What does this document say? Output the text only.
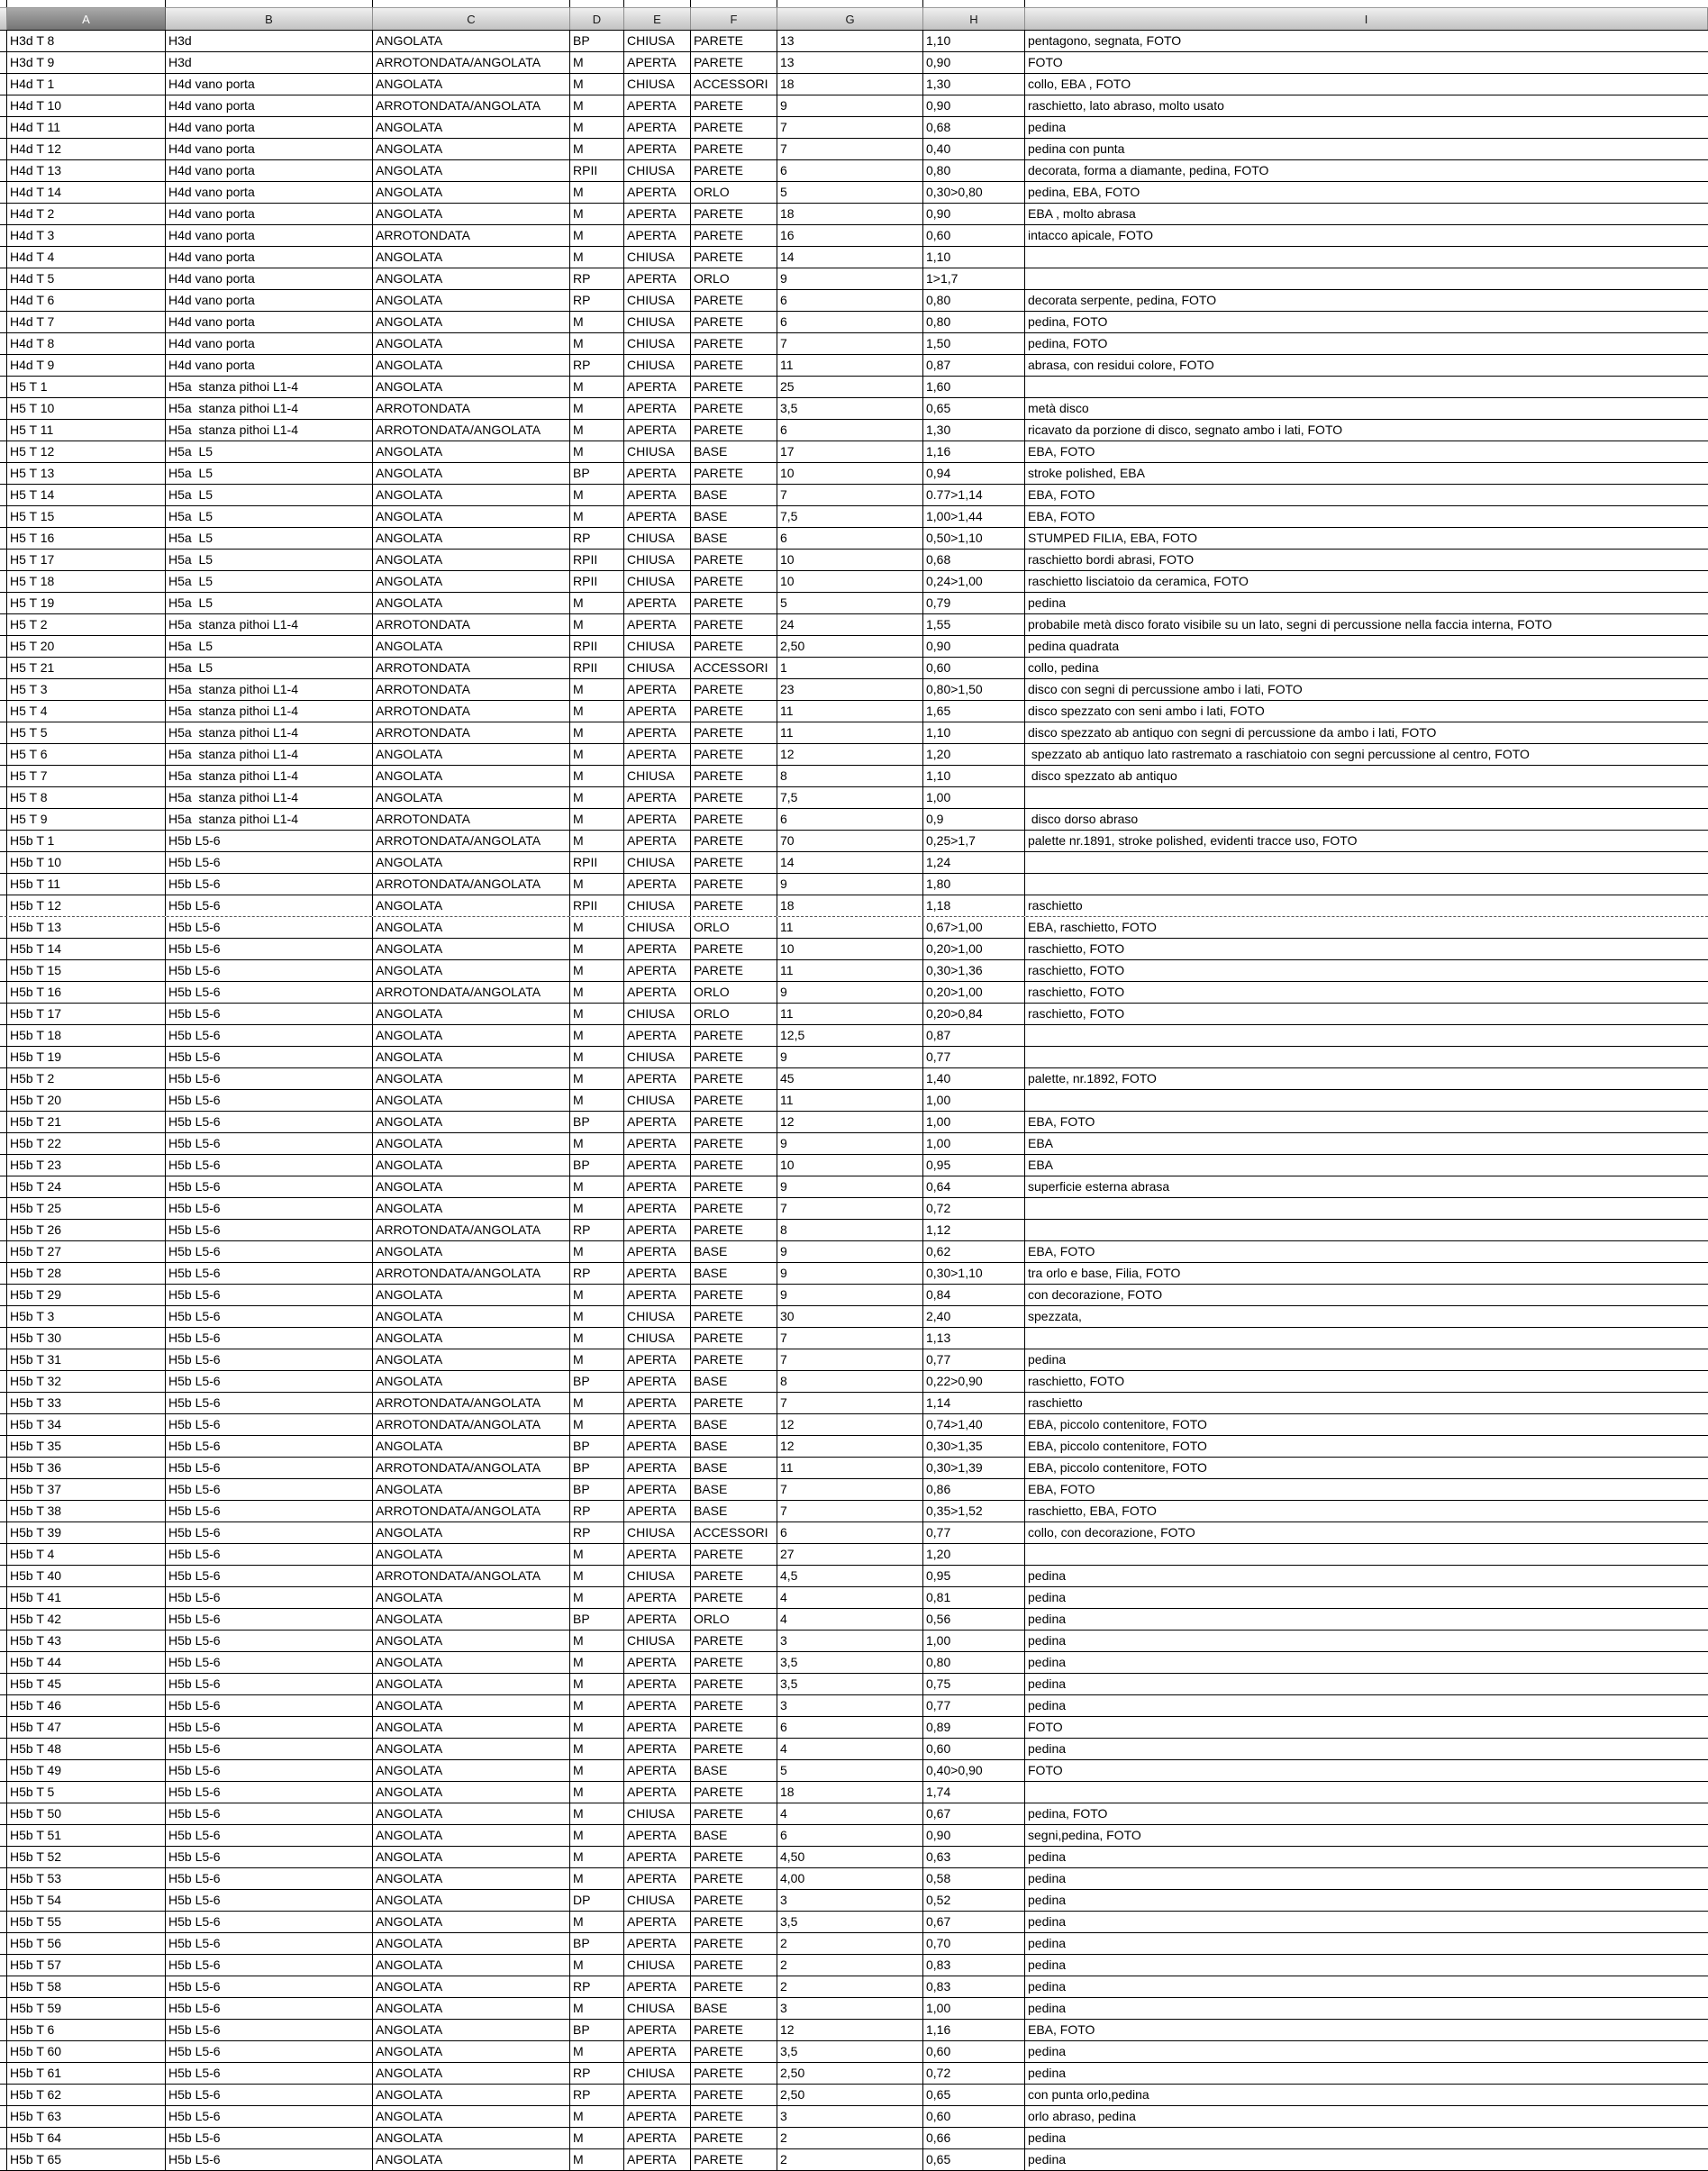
A	B	C	D	E	F	G	H	I
H3d T 8	H3d	ANGOLATA	BP	CHIUSA	PARETE	13	1,10	pentagono, segnata, FOTO
H3d T 9	H3d	ARROTONDATA/ANGOLATA	M	APERTA	PARETE	13	0,90	FOTO
H4d T 1	H4d vano porta	ANGOLATA	M	CHIUSA	ACCESSORI 18	1,30	collo, EBA , FOTO
H4d T 10	H4d vano porta	ARROTONDATA/ANGOLATA	M	APERTA	PARETE	9	0,90	raschietto, lato abraso, molto usato
H4d T 11	H4d vano porta	ANGOLATA	M	APERTA	PARETE	7	0,68	pedina
H4d T 12	H4d vano porta	ANGOLATA	M	APERTA	PARETE	7	0,40	pedina con punta
H4d T 13	H4d vano porta	ANGOLATA	RPII	CHIUSA	PARETE	6	0,80	decorata, forma a diamante, pedina, FOTO
H4d T 14	H4d vano porta	ANGOLATA	M	APERTA	ORLO	5	0,30>0,80	pedina, EBA, FOTO
H4d T 2	H4d vano porta	ANGOLATA	M	APERTA	PARETE	18	0,90	EBA , molto abrasa
H4d T 3	H4d vano porta	ARROTONDATA	M	APERTA	PARETE	16	0,60	intacco apicale, FOTO
H4d T 4	H4d vano porta	ANGOLATA	M	CHIUSA	PARETE	14	1,10
H4d T 5	H4d vano porta	ANGOLATA	RP	APERTA	ORLO	9	1>1,7
H4d T 6	H4d vano porta	ANGOLATA	RP	CHIUSA	PARETE	6	0,80	decorata serpente, pedina, FOTO
H4d T 7	H4d vano porta	ANGOLATA	M	CHIUSA	PARETE	6	0,80	pedina, FOTO
H4d T 8	H4d vano porta	ANGOLATA	M	CHIUSA	PARETE	7	1,50	pedina, FOTO
H4d T 9	H4d vano porta	ANGOLATA	RP	CHIUSA	PARETE	11	0,87	abrasa, con residui colore, FOTO
H5 T 1	H5a  stanza pithoi L1-4	ANGOLATA	M	APERTA	PARETE	25	1,60
H5 T 10	H5a  stanza pithoi L1-4	ARROTONDATA	M	APERTA	PARETE	3,5	0,65	metà disco
H5 T 11	H5a  stanza pithoi L1-4	ARROTONDATA/ANGOLATA	M	APERTA	PARETE	6	1,30	ricavato da porzione di disco, segnato ambo i lati, FOTO
H5 T 12	H5a  L5	ANGOLATA	M	CHIUSA	BASE	17	1,16	EBA, FOTO
H5 T 13	H5a  L5	ANGOLATA	BP	APERTA	PARETE	10	0,94	stroke polished, EBA
H5 T 14	H5a  L5	ANGOLATA	M	APERTA	BASE	7	0.77>1,14	EBA, FOTO
H5 T 15	H5a  L5	ANGOLATA	M	APERTA	BASE	7,5	1,00>1,44	EBA, FOTO
H5 T 16	H5a  L5	ANGOLATA	RP	CHIUSA	BASE	6	0,50>1,10	STUMPED FILIA, EBA, FOTO
H5 T 17	H5a  L5	ANGOLATA	RPII	CHIUSA	PARETE	10	0,68	raschietto bordi abrasi, FOTO
H5 T 18	H5a  L5	ANGOLATA	RPII	CHIUSA	PARETE	10	0,24>1,00	raschietto lisciatoio da ceramica, FOTO
H5 T 19	H5a  L5	ANGOLATA	M	APERTA	PARETE	5	0,79	pedina
H5 T 2	H5a  stanza pithoi L1-4	ARROTONDATA	M	APERTA	PARETE	24	1,55	probabile metà disco forato visibile su un lato, segni di percussione nella faccia interna, FOTO
H5 T 20	H5a  L5	ANGOLATA	RPII	CHIUSA	PARETE	2,50	0,90	pedina quadrata
H5 T 21	H5a  L5	ARROTONDATA	RPII	CHIUSA	ACCESSORI 1	0,60	collo, pedina
H5 T 3	H5a  stanza pithoi L1-4	ARROTONDATA	M	APERTA	PARETE	23	0,80>1,50	disco con segni di percussione ambo i lati, FOTO
H5 T 4	H5a  stanza pithoi L1-4	ARROTONDATA	M	APERTA	PARETE	11	1,65	disco spezzato con seni ambo i lati, FOTO
H5 T 5	H5a  stanza pithoi L1-4	ARROTONDATA	M	APERTA	PARETE	11	1,10	disco spezzato ab antiquo con segni di percussione da ambo i lati, FOTO
H5 T 6	H5a  stanza pithoi L1-4	ANGOLATA	M	APERTA	PARETE	12	1,20	spezzato ab antiquo lato rastremato a raschiatoio con segni percussione al centro, FOTO
H5 T 7	H5a  stanza pithoi L1-4	ANGOLATA	M	CHIUSA	PARETE	8	1,10	disco spezzato ab antiquo
H5 T 8	H5a  stanza pithoi L1-4	ANGOLATA	M	APERTA	PARETE	7,5	1,00
H5 T 9	H5a  stanza pithoi L1-4	ARROTONDATA	M	APERTA	PARETE	6	0,9	disco dorso abraso
H5b T 1	H5b L5-6	ARROTONDATA/ANGOLATA	M	APERTA	PARETE	70	0,25>1,7	palette nr.1891, stroke polished, evidenti tracce uso, FOTO
H5b T 10	H5b L5-6	ANGOLATA	RPII	CHIUSA	PARETE	14	1,24
H5b T 11	H5b L5-6	ARROTONDATA/ANGOLATA	M	APERTA	PARETE	9	1,80
H5b T 12	H5b L5-6	ANGOLATA	RPII	CHIUSA	PARETE	18	1,18	raschietto
H5b T 13	H5b L5-6	ANGOLATA	M	CHIUSA	ORLO	11	0,67>1,00	EBA, raschietto, FOTO
H5b T 14	H5b L5-6	ANGOLATA	M	APERTA	PARETE	10	0,20>1,00	raschietto, FOTO
H5b T 15	H5b L5-6	ANGOLATA	M	APERTA	PARETE	11	0,30>1,36	raschietto, FOTO
H5b T 16	H5b L5-6	ARROTONDATA/ANGOLATA	M	APERTA	ORLO	9	0,20>1,00	raschietto, FOTO
H5b T 17	H5b L5-6	ANGOLATA	M	CHIUSA	ORLO	11	0,20>0,84	raschietto, FOTO
H5b T 18	H5b L5-6	ANGOLATA	M	APERTA	PARETE	12,5	0,87
H5b T 19	H5b L5-6	ANGOLATA	M	CHIUSA	PARETE	9	0,77
H5b T 2	H5b L5-6	ANGOLATA	M	APERTA	PARETE	45	1,40	palette, nr.1892, FOTO
H5b T 20	H5b L5-6	ANGOLATA	M	CHIUSA	PARETE	11	1,00
H5b T 21	H5b L5-6	ANGOLATA	BP	APERTA	PARETE	12	1,00	EBA, FOTO
H5b T 22	H5b L5-6	ANGOLATA	M	APERTA	PARETE	9	1,00	EBA
H5b T 23	H5b L5-6	ANGOLATA	BP	APERTA	PARETE	10	0,95	EBA
H5b T 24	H5b L5-6	ANGOLATA	M	APERTA	PARETE	9	0,64	superficie esterna abrasa
H5b T 25	H5b L5-6	ANGOLATA	M	APERTA	PARETE	7	0,72
H5b T 26	H5b L5-6	ARROTONDATA/ANGOLATA	RP	APERTA	PARETE	8	1,12
H5b T 27	H5b L5-6	ANGOLATA	M	APERTA	BASE	9	0,62	EBA, FOTO
H5b T 28	H5b L5-6	ARROTONDATA/ANGOLATA	RP	APERTA	BASE	9	0,30>1,10	tra orlo e base, Filia, FOTO
H5b T 29	H5b L5-6	ANGOLATA	M	APERTA	PARETE	9	0,84	con decorazione, FOTO
H5b T 3	H5b L5-6	ANGOLATA	M	CHIUSA	PARETE	30	2,40	spezzata,
H5b T 30	H5b L5-6	ANGOLATA	M	CHIUSA	PARETE	7	1,13
H5b T 31	H5b L5-6	ANGOLATA	M	APERTA	PARETE	7	0,77	pedina
H5b T 32	H5b L5-6	ANGOLATA	BP	APERTA	BASE	8	0,22>0,90	raschietto, FOTO
H5b T 33	H5b L5-6	ARROTONDATA/ANGOLATA	M	APERTA	PARETE	7	1,14	raschietto
H5b T 34	H5b L5-6	ARROTONDATA/ANGOLATA	M	APERTA	BASE	12	0,74>1,40	EBA, piccolo contenitore, FOTO
H5b T 35	H5b L5-6	ANGOLATA	BP	APERTA	BASE	12	0,30>1,35	EBA, piccolo contenitore, FOTO
H5b T 36	H5b L5-6	ARROTONDATA/ANGOLATA	BP	APERTA	BASE	11	0,30>1,39	EBA, piccolo contenitore, FOTO
H5b T 37	H5b L5-6	ANGOLATA	BP	APERTA	BASE	7	0,86	EBA, FOTO
H5b T 38	H5b L5-6	ARROTONDATA/ANGOLATA	RP	APERTA	BASE	7	0,35>1,52	raschietto, EBA, FOTO
H5b T 39	H5b L5-6	ANGOLATA	RP	CHIUSA	ACCESSORI 6	0,77	collo, con decorazione, FOTO
H5b T 4	H5b L5-6	ANGOLATA	M	APERTA	PARETE	27	1,20
H5b T 40	H5b L5-6	ARROTONDATA/ANGOLATA	M	CHIUSA	PARETE	4,5	0,95	pedina
H5b T 41	H5b L5-6	ANGOLATA	M	APERTA	PARETE	4	0,81	pedina
H5b T 42	H5b L5-6	ANGOLATA	BP	APERTA	ORLO	4	0,56	pedina
H5b T 43	H5b L5-6	ANGOLATA	M	CHIUSA	PARETE	3	1,00	pedina
H5b T 44	H5b L5-6	ANGOLATA	M	APERTA	PARETE	3,5	0,80	pedina
H5b T 45	H5b L5-6	ANGOLATA	M	APERTA	PARETE	3,5	0,75	pedina
H5b T 46	H5b L5-6	ANGOLATA	M	APERTA	PARETE	3	0,77	pedina
H5b T 47	H5b L5-6	ANGOLATA	M	APERTA	PARETE	6	0,89	FOTO
H5b T 48	H5b L5-6	ANGOLATA	M	APERTA	PARETE	4	0,60	pedina
H5b T 49	H5b L5-6	ANGOLATA	M	APERTA	BASE	5	0,40>0,90	FOTO
H5b T 5	H5b L5-6	ANGOLATA	M	APERTA	PARETE	18	1,74
H5b T 50	H5b L5-6	ANGOLATA	M	CHIUSA	PARETE	4	0,67	pedina, FOTO
H5b T 51	H5b L5-6	ANGOLATA	M	APERTA	BASE	6	0,90	segni,pedina, FOTO
H5b T 52	H5b L5-6	ANGOLATA	M	APERTA	PARETE	4,50	0,63	pedina
H5b T 53	H5b L5-6	ANGOLATA	M	APERTA	PARETE	4,00	0,58	pedina
H5b T 54	H5b L5-6	ANGOLATA	DP	CHIUSA	PARETE	3	0,52	pedina
H5b T 55	H5b L5-6	ANGOLATA	M	APERTA	PARETE	3,5	0,67	pedina
H5b T 56	H5b L5-6	ANGOLATA	BP	APERTA	PARETE	2	0,70	pedina
H5b T 57	H5b L5-6	ANGOLATA	M	CHIUSA	PARETE	2	0,83	pedina
H5b T 58	H5b L5-6	ANGOLATA	RP	APERTA	PARETE	2	0,83	pedina
H5b T 59	H5b L5-6	ANGOLATA	M	CHIUSA	BASE	3	1,00	pedina
H5b T 6	H5b L5-6	ANGOLATA	BP	APERTA	PARETE	12	1,16	EBA, FOTO
H5b T 60	H5b L5-6	ANGOLATA	M	APERTA	PARETE	3,5	0,60	pedina
H5b T 61	H5b L5-6	ANGOLATA	RP	CHIUSA	PARETE	2,50	0,72	pedina
H5b T 62	H5b L5-6	ANGOLATA	RP	APERTA	PARETE	2,50	0,65	con punta orlo,pedina
H5b T 63	H5b L5-6	ANGOLATA	M	APERTA	PARETE	3	0,60	orlo abraso, pedina
H5b T 64	H5b L5-6	ANGOLATA	M	APERTA	PARETE	2	0,66	pedina
H5b T 65	H5b L5-6	ANGOLATA	M	APERTA	PARETE	2	0,65	pedina
